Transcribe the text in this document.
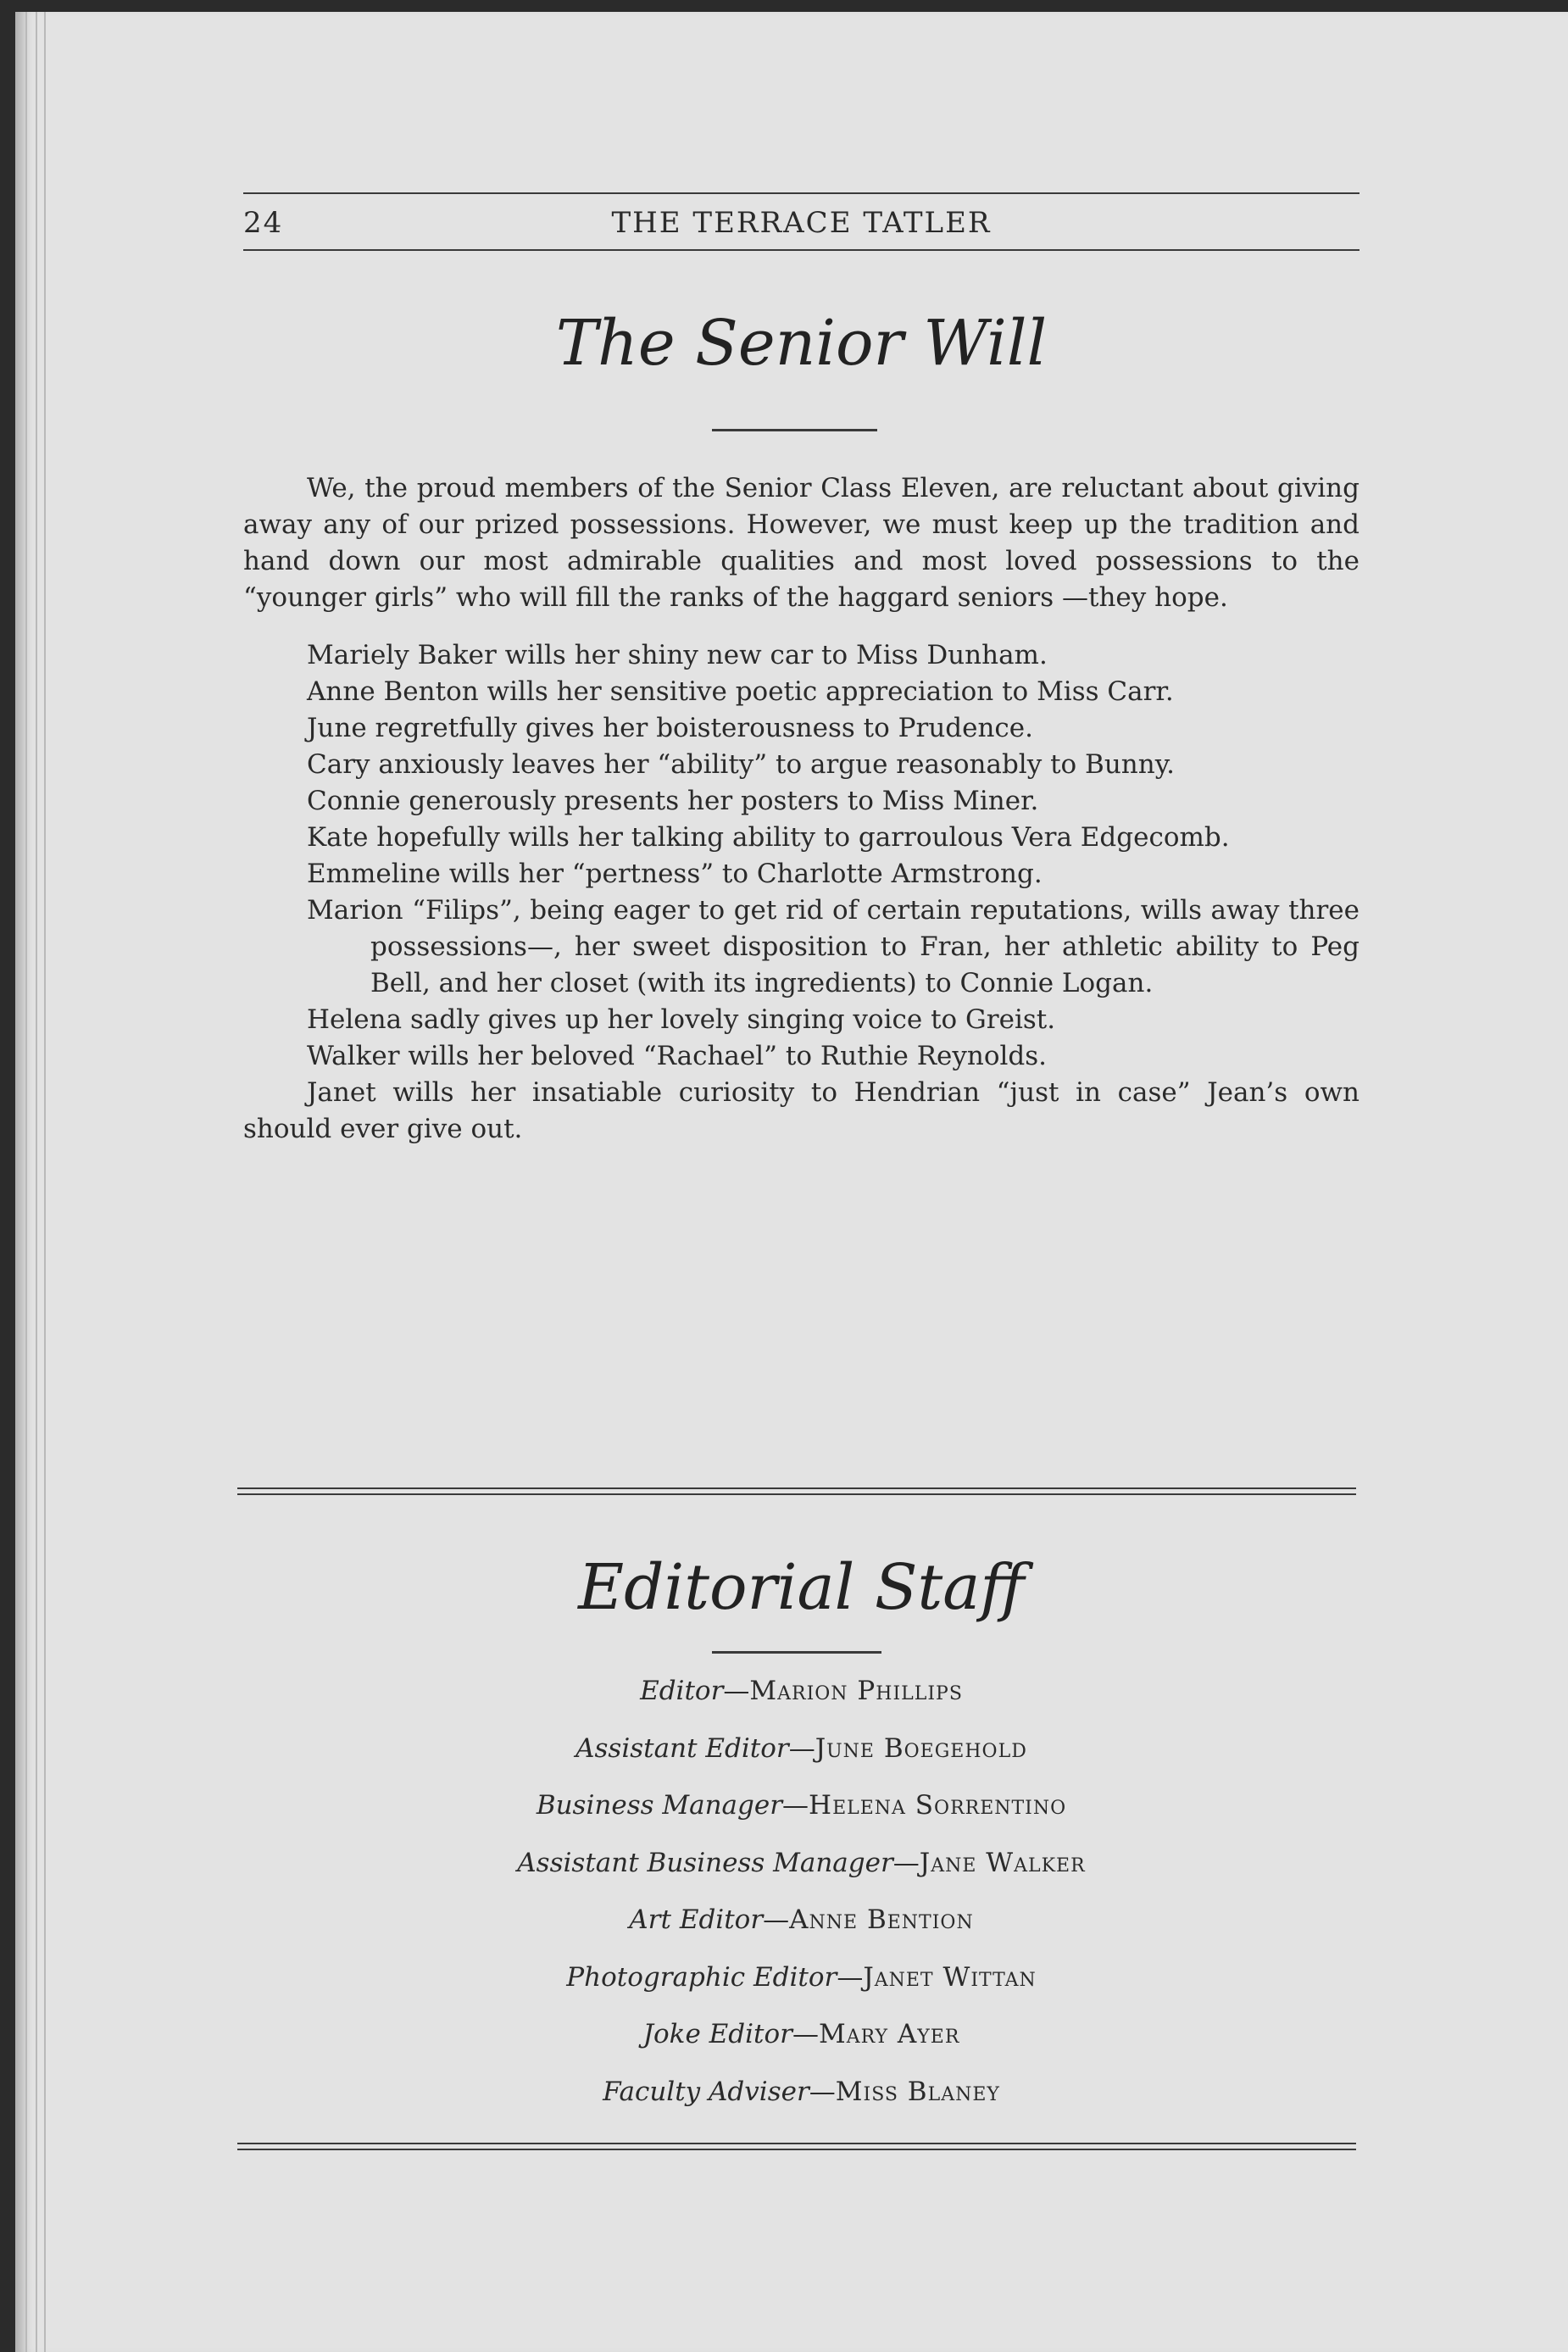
24	THE TERRACE TATLER
The Senior Will

We, the proud members of the Senior Class Eleven, are reluctant about giving away any of our prized possessions. However, we must keep up the tradition and hand down our most admirable qualities and most loved possessions to the “younger girls” who will fill the ranks of the haggard seniors —they hope.

Mariely Baker wills her shiny new car to Miss Dunham.

Anne Benton wills her sensitive poetic appreciation to Miss Carr.

June regretfully gives her boisterousness to Prudence.

Cary anxiously leaves her “ability” to argue reasonably to Bunny.

Connie generously presents her posters to Miss Miner.

Kate hopefully wills her talking ability to garroulous Vera Edgecomb.

Emmeline wills her “pertness” to Charlotte Armstrong.

Marion “Filips”, being eager to get rid of certain reputations, wills away three possessions—, her sweet disposition to Fran, her athletic ability to Peg Bell, and her closet (with its ingredients) to Connie Logan.

Helena sadly gives up her lovely singing voice to Greist.

Walker wills her beloved “Rachael” to Ruthie Reynolds.

Janet wills her insatiable curiosity to Hendrian “just in case” Jean’s own should ever give out.

Editorial Staff
Editor—Marion Phillips
Assistant Editor—June Boegehold
Business Manager—Helena Sorrentino
Assistant Business Manager—Jane Walker
Art Editor—Anne Bention
Photographic Editor—Janet Wittan
Joke Editor—Mary Ayer
Faculty Adviser—Miss Blaney
